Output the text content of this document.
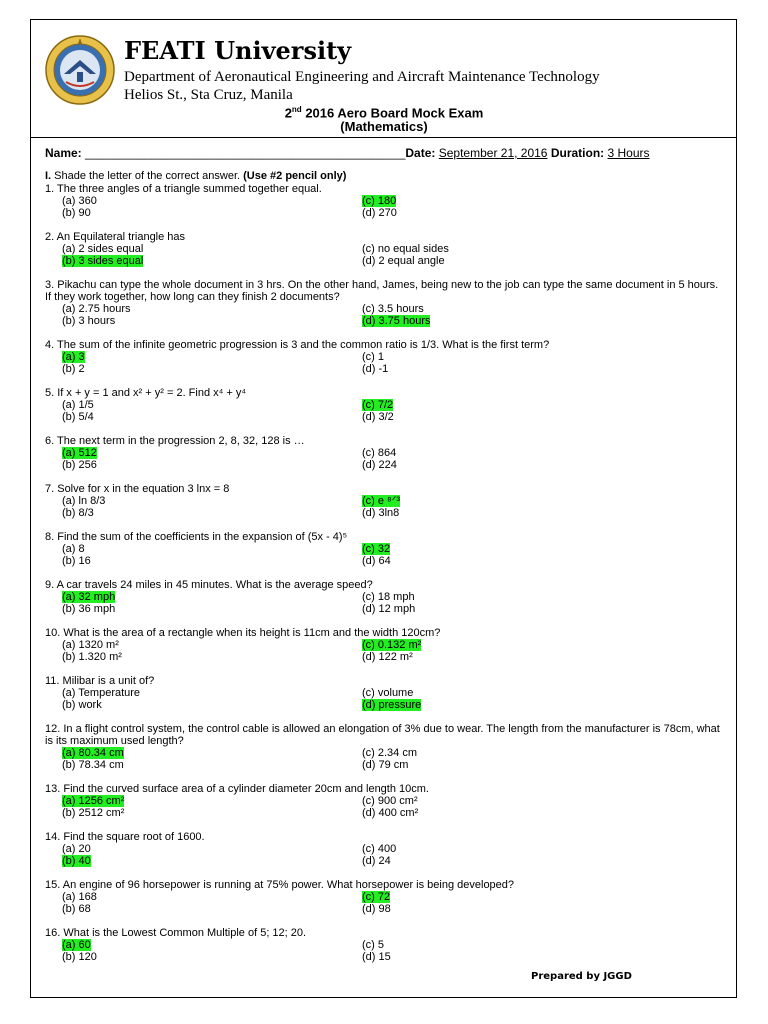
FEATI University
Department of Aeronautical Engineering and Aircraft Maintenance Technology
Helios St., Sta Cruz, Manila
2nd 2016 Aero Board Mock Exam
(Mathematics)
Name: ________________________________________________Date: September 21, 2016 Duration: 3 Hours
I. Shade the letter of the correct answer. (Use #2 pencil only)
1. The three angles of a triangle summed together equal.
(a) 360	(c) 180
(b) 90	(d) 270
2. An Equilateral triangle has
(a) 2 sides equal	(c) no equal sides
(b) 3 sides equal	(d) 2 equal angle
3. Pikachu can type the whole document in 3 hrs. On the other hand, James, being new to the job can type the same document in 5 hours. If they work together, how long can they finish 2 documents?
(a) 2.75 hours	(c) 3.5 hours
(b) 3 hours	(d) 3.75 hours
4. The sum of the infinite geometric progression is 3 and the common ratio is 1/3. What is the first term?
(a) 3	(c) 1
(b) 2	(d) -1
5. If x + y = 1 and x² + y² = 2. Find x⁴ + y⁴
(a) 1/5	(c) 7/2
(b) 5/4	(d) 3/2
6. The next term in the progression 2, 8, 32, 128 is …
(a) 512	(c) 864
(b) 256	(d) 224
7. Solve for x in the equation 3 lnx = 8
(a) ln 8/3	(c) e ⁸ᐟ³
(b) 8/3	(d) 3ln8
8. Find the sum of the coefficients in the expansion of (5x - 4)⁵
(a) 8	(c) 32
(b) 16	(d) 64
9. A car travels 24 miles in 45 minutes. What is the average speed?
(a) 32 mph	(c) 18 mph
(b) 36 mph	(d) 12 mph
10. What is the area of a rectangle when its height is 11cm and the width 120cm?
(a) 1320 m²	(c) 0.132 m²
(b) 1.320 m²	(d) 122 m²
11. Milibar is a unit of?
(a) Temperature	(c) volume
(b) work	(d) pressure
12. In a flight control system, the control cable is allowed an elongation of 3% due to wear. The length from the manufacturer is 78cm, what is its maximum used length?
(a) 80.34 cm	(c) 2.34 cm
(b) 78.34 cm	(d) 79 cm
13. Find the curved surface area of a cylinder diameter 20cm and length 10cm.
(a) 1256 cm²	(c) 900 cm²
(b) 2512 cm²	(d) 400 cm²
14. Find the square root of 1600.
(a) 20	(c) 400
(b) 40	(d) 24
15. An engine of 96 horsepower is running at 75% power. What horsepower is being developed?
(a) 168	(c) 72
(b) 68	(d) 98
16. What is the Lowest Common Multiple of 5; 12; 20.
(a) 60	(c) 5
(b) 120	(d) 15
Prepared by JGGD
